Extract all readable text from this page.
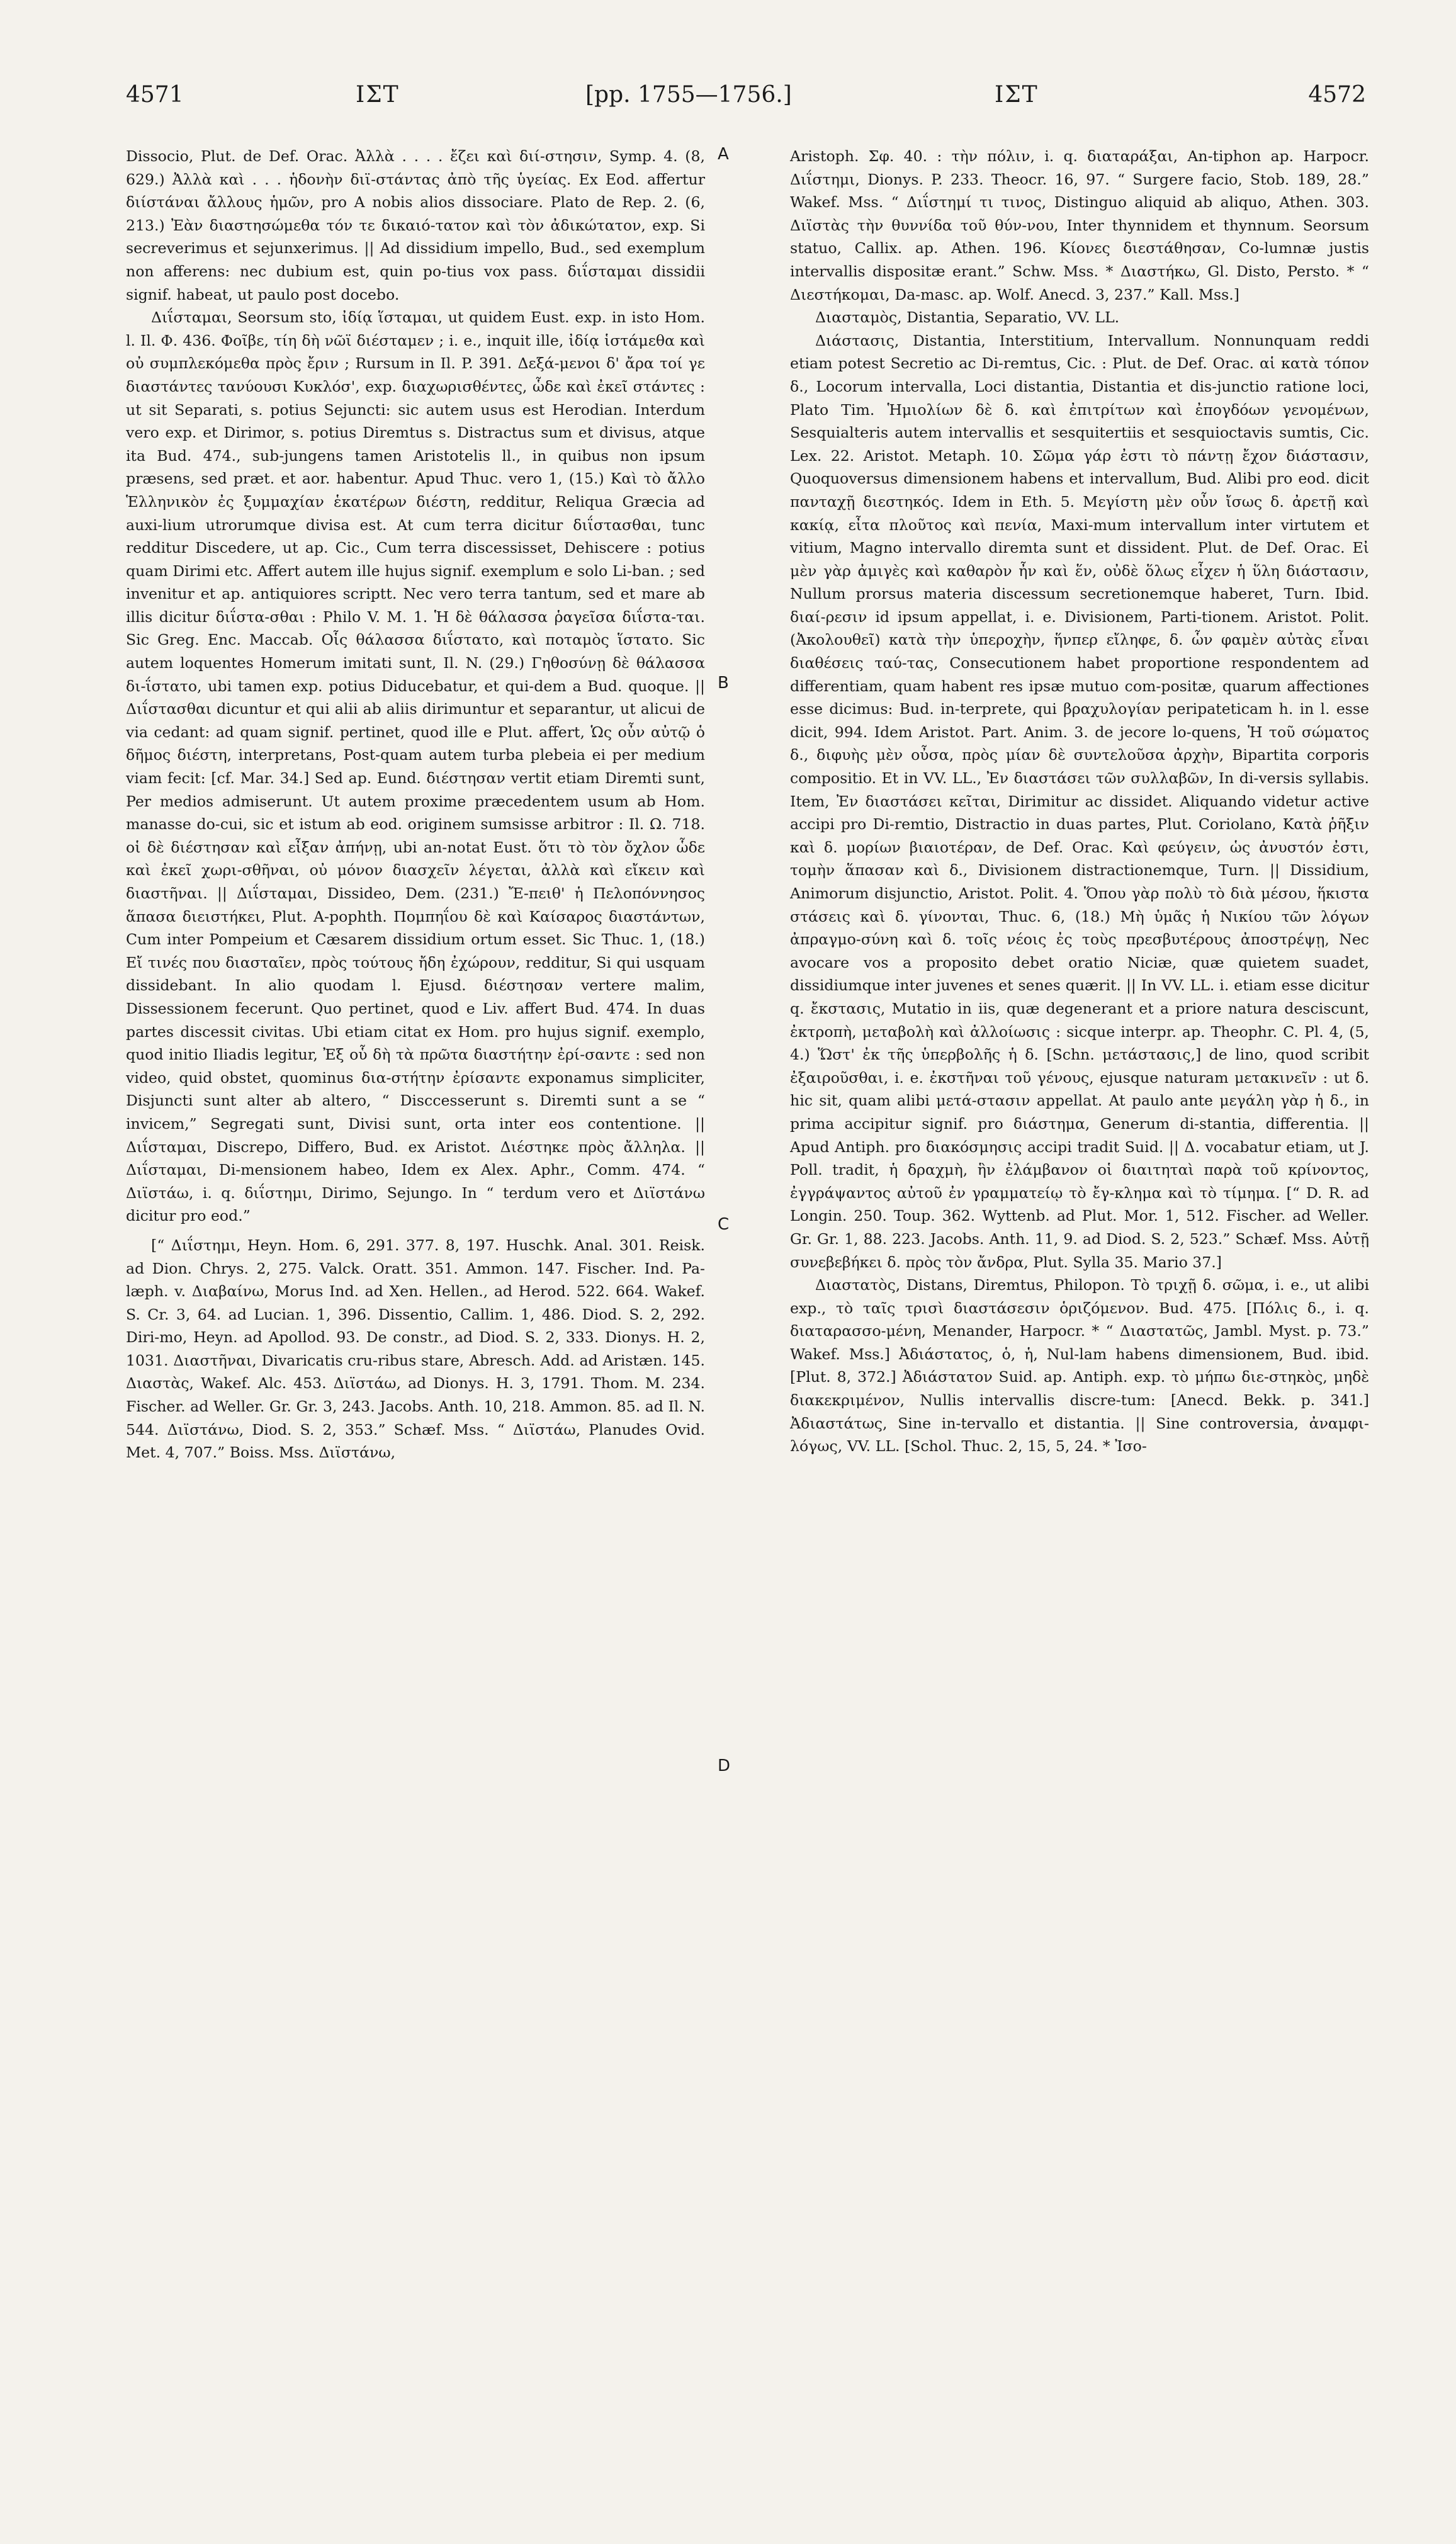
4571	ΙΣΤ	[pp. 1755—1756.]	ΙΣΤ	4572

Dissocio, Plut. de Def. Orac. Ἀλλὰ . . . . ἔζει καὶ διί-στησιν, Symp. 4. (8, 629.) Ἀλλὰ καὶ . . . ἡδονὴν διϊ-στάντας ἀπὸ τῆς ὑγείας. Ex Eod. affertur διίστάναι ἄλλους ἡμῶν, pro A nobis alios dissociare. Plato de Rep. 2. (6, 213.) Ἐὰν διαστησώμεθα τόν τε δικαιό-τατον καὶ τὸν ἀδικώτατον, exp. Si secreverimus et sejunxerimus. || Ad dissidium impello, Bud., sed exemplum non afferens: nec dubium est, quin po-tius vox pass. διΐσταμαι dissidii signif. habeat, ut paulo post docebo.

Διΐσταμαι, Seorsum sto, ἰδίᾳ ἵσταμαι, ut quidem Eust. exp. in isto Hom. l. Il. Φ. 436. Φοῖβε, τίη δὴ νῶϊ διέσταμεν ; i. e., inquit ille, ἰδίᾳ ἱστάμεθα καὶ οὐ συμπλεκόμεθα πρὸς ἔριν ; Rursum in Il. P. 391. Δεξά-μενοι δ' ἄρα τοί γε διαστάντες τανύουσι Κυκλόσ', exp. διαχωρισθέντες, ὧδε καὶ ἐκεῖ στάντες : ut sit Separati, s. potius Sejuncti: sic autem usus est Herodian. Interdum vero exp. et Dirimor, s. potius Diremtus s. Distractus sum et divisus, atque ita Bud. 474., sub-jungens tamen Aristotelis ll., in quibus non ipsum præsens, sed præt. et aor. habentur. Apud Thuc. vero 1, (15.) Καὶ τὸ ἄλλο Ἑλληνικὸν ἐς ξυμμαχίαν ἑκατέρων διέστη, redditur, Reliqua Græcia ad auxi-lium utrorumque divisa est. At cum terra dicitur διΐστασθαι, tunc redditur Discedere, ut ap. Cic., Cum terra discessisset, Dehiscere : potius quam Dirimi etc. Affert autem ille hujus signif. exemplum e solo Li-ban. ; sed invenitur et ap. antiquiores scriptt. Nec vero terra tantum, sed et mare ab illis dicitur διΐστα-σθαι : Philo V. M. 1. Ἡ δὲ θάλασσα ῥαγεῖσα διΐστα-ται. Sic Greg. Enc. Maccab. Οἷς θάλασσα διΐστατο, καὶ ποταμὸς ἵστατο. Sic autem loquentes Homerum imitati sunt, Il. N. (29.) Γηθοσύνῃ δὲ θάλασσα δι-ΐστατο, ubi tamen exp. potius Diducebatur, et qui-dem a Bud. quoque. || Διΐστασθαι dicuntur et qui alii ab aliis dirimuntur et separantur, ut alicui de via cedant: ad quam signif. pertinet, quod ille e Plut. affert, Ὡς οὖν αὐτῷ ὁ δῆμος διέστη, interpretans, Post-quam autem turba plebeia ei per medium viam fecit: [cf. Mar. 34.] Sed ap. Eund. διέστησαν vertit etiam Diremti sunt, Per medios admiserunt. Ut autem proxime præcedentem usum ab Hom. manasse do-cui, sic et istum ab eod. originem sumsisse arbitror : Il. Ω. 718. οἱ δὲ διέστησαν καὶ εἶξαν ἀπήνῃ, ubi an-notat Eust. ὅτι τὸ τὸν ὄχλον ὧδε καὶ ἐκεῖ χωρι-σθῆναι, οὐ μόνον διασχεῖν λέγεται, ἀλλὰ καὶ εἴκειν καὶ διαστῆναι. || Διΐσταμαι, Dissideo, Dem. (231.) Ἔ-πειθ' ἡ Πελοπόννησος ἅπασα διειστήκει, Plut. A-pophth. Πομπηΐου δὲ καὶ Καίσαρος διαστάντων, Cum inter Pompeium et Cæsarem dissidium ortum esset. Sic Thuc. 1, (18.) Εἴ τινές που διασταῖεν, πρὸς τούτους ἤδη ἐχώρουν, redditur, Si qui usquam dissidebant. In alio quodam l. Ejusd. διέστησαν vertere malim, Dissessionem fecerunt. Quo pertinet, quod e Liv. affert Bud. 474. In duas partes discessit civitas. Ubi etiam citat ex Hom. pro hujus signif. exemplo, quod initio Iliadis legitur, Ἐξ οὗ δὴ τὰ πρῶτα διαστήτην ἐρί-σαντε : sed non video, quid obstet, quominus δια-στήτην ἐρίσαντε exponamus simpliciter, Disjuncti sunt alter ab altero, “ Disccesserunt s. Diremti sunt a se “ invicem,” Segregati sunt, Divisi sunt, orta inter eos contentione. || Διΐσταμαι, Discrepo, Differo, Bud. ex Aristot. Διέστηκε πρὸς ἄλληλα. || Διΐσταμαι, Di-mensionem habeo, Idem ex Alex. Aphr., Comm. 474. “ Διϊστάω, i. q. διΐστημι, Dirimo, Sejungo. In “ terdum vero et Διϊστάνω dicitur pro eod.”

[“ Διΐστημι, Heyn. Hom. 6, 291. 377. 8, 197. Huschk. Anal. 301. Reisk. ad Dion. Chrys. 2, 275. Valck. Oratt. 351. Ammon. 147. Fischer. Ind. Pa-læph. v. Διαβαίνω, Morus Ind. ad Xen. Hellen., ad Herod. 522. 664. Wakef. S. Cr. 3, 64. ad Lucian. 1, 396. Dissentio, Callim. 1, 486. Diod. S. 2, 292. Diri-mo, Heyn. ad Apollod. 93. De constr., ad Diod. S. 2, 333. Dionys. H. 2, 1031. Διαστῆναι, Divaricatis cru-ribus stare, Abresch. Add. ad Aristæn. 145. Διαστὰς, Wakef. Alc. 453. Διϊστάω, ad Dionys. H. 3, 1791. Thom. M. 234. Fischer. ad Weller. Gr. Gr. 3, 243. Jacobs. Anth. 10, 218. Ammon. 85. ad Il. N. 544. Διϊστάνω, Diod. S. 2, 353.” Schæf. Mss. “ Διϊστάω, Planudes Ovid. Met. 4, 707.” Boiss. Mss. Διϊστάνω,

A
B
C
D

Aristoph. Σφ. 40. : τὴν πόλιν, i. q. διαταράξαι, An-tiphon ap. Harpocr. Διΐστημι, Dionys. P. 233. Theocr. 16, 97. “ Surgere facio, Stob. 189, 28.” Wakef. Mss. “ Διΐστημί τι τινος, Distinguo aliquid ab aliquo, Athen. 303. Διϊστὰς τὴν θυννίδα τοῦ θύν-νου, Inter thynnidem et thynnum. Seorsum statuo, Callix. ap. Athen. 196. Κίονες διεστάθησαν, Co-lumnæ justis intervallis dispositæ erant.” Schw. Mss. * Διαστήκω, Gl. Disto, Persto. * “ Διεστήκομαι, Da-masc. ap. Wolf. Anecd. 3, 237.” Kall. Mss.]

Διασταμὸς, Distantia, Separatio, VV. LL.

Διάστασις, Distantia, Interstitium, Intervallum. Nonnunquam reddi etiam potest Secretio ac Di-remtus, Cic. : Plut. de Def. Orac. αἱ κατὰ τόπον δ., Locorum intervalla, Loci distantia, Distantia et dis-junctio ratione loci, Plato Tim. Ἡμιολίων δὲ δ. καὶ ἐπιτρίτων καὶ ἐπογδόων γενομένων, Sesquialteris autem intervallis et sesquitertiis et sesquioctavis sumtis, Cic. Lex. 22. Aristot. Metaph. 10. Σῶμα γάρ ἐστι τὸ πάντῃ ἔχον διάστασιν, Quoquoversus dimensionem habens et intervallum, Bud. Alibi pro eod. dicit πανταχῇ διεστηκός. Idem in Eth. 5. Μεγίστη μὲν οὖν ἴσως δ. ἀρετῇ καὶ κακίᾳ, εἶτα πλοῦτος καὶ πενία, Maxi-mum intervallum inter virtutem et vitium, Magno intervallo diremta sunt et dissident. Plut. de Def. Orac. Εἰ μὲν γὰρ ἀμιγὲς καὶ καθαρὸν ἦν καὶ ἕν, οὐδὲ ὅλως εἶχεν ἡ ὕλη διάστασιν, Nullum prorsus materia discessum secretionemque haberet, Turn. Ibid. διαί-ρεσιν id ipsum appellat, i. e. Divisionem, Parti-tionem. Aristot. Polit. (Ἀκολουθεῖ) κατὰ τὴν ὑπεροχὴν, ἥνπερ εἴληφε, δ. ὧν φαμὲν αὐτὰς εἶναι διαθέσεις ταύ-τας, Consecutionem habet proportione respondentem ad differentiam, quam habent res ipsæ mutuo com-positæ, quarum affectiones esse dicimus: Bud. in-terprete, qui βραχυλογίαν peripateticam h. in l. esse dicit, 994. Idem Aristot. Part. Anim. 3. de jecore lo-quens, Ἡ τοῦ σώματος δ., διφυὴς μὲν οὖσα, πρὸς μίαν δὲ συντελοῦσα ἀρχὴν, Bipartita corporis compositio. Et in VV. LL., Ἐν διαστάσει τῶν συλλαβῶν, In di-versis syllabis. Item, Ἐν διαστάσει κεῖται, Dirimitur ac dissidet. Aliquando videtur active accipi pro Di-remtio, Distractio in duas partes, Plut. Coriolano, Κατὰ ῥῆξιν καὶ δ. μορίων βιαιοτέραν, de Def. Orac. Καὶ φεύγειν, ὡς ἀνυστόν ἐστι, τομὴν ἅπασαν καὶ δ., Divisionem distractionemque, Turn. || Dissidium, Animorum disjunctio, Aristot. Polit. 4. Ὅπου γὰρ πολὺ τὸ διὰ μέσου, ἥκιστα στάσεις καὶ δ. γίνονται, Thuc. 6, (18.) Μὴ ὑμᾶς ἡ Νικίου τῶν λόγων ἀπραγμο-σύνη καὶ δ. τοῖς νέοις ἐς τοὺς πρεσβυτέρους ἀποστρέψῃ, Nec avocare vos a proposito debet oratio Niciæ, quæ quietem suadet, dissidiumque inter juvenes et senes quærit. || In VV. LL. i. etiam esse dicitur q. ἔκστασις, Mutatio in iis, quæ degenerant et a priore natura desciscunt, ἐκτροπὴ, μεταβολὴ καὶ ἀλλοίωσις : sicque interpr. ap. Theophr. C. Pl. 4, (5, 4.) Ὥστ' ἐκ τῆς ὑπερβολῆς ἡ δ. [Schn. μετάστασις,] de lino, quod scribit ἐξαιροῦσθαι, i. e. ἐκστῆναι τοῦ γένους, ejusque naturam μετακινεῖν : ut δ. hic sit, quam alibi μετά-στασιν appellat. At paulo ante μεγάλη γὰρ ἡ δ., in prima accipitur signif. pro διάστημα, Generum di-stantia, differentia. || Apud Antiph. pro διακόσμησις accipi tradit Suid. || Δ. vocabatur etiam, ut J. Poll. tradit, ἡ δραχμὴ, ἣν ἐλάμβανον οἱ διαιτηταὶ παρὰ τοῦ κρίνοντος, ἐγγράψαντος αὐτοῦ ἐν γραμματείῳ τὸ ἔγ-κλημα καὶ τὸ τίμημα. [“ D. R. ad Longin. 250. Toup. 362. Wyttenb. ad Plut. Mor. 1, 512. Fischer. ad Weller. Gr. Gr. 1, 88. 223. Jacobs. Anth. 11, 9. ad Diod. S. 2, 523.” Schæf. Mss. Αὐτῇ συνεβεβήκει δ. πρὸς τὸν ἄνδρα, Plut. Sylla 35. Mario 37.]

Διαστατὸς, Distans, Diremtus, Philopon. Τὸ τριχῇ δ. σῶμα, i. e., ut alibi exp., τὸ ταῖς τρισὶ διαστάσεσιν ὁριζόμενον. Bud. 475. [Πόλις δ., i. q. διαταρασσο-μένη, Menander, Harpocr. * “ Διαστατῶς, Jambl. Myst. p. 73.” Wakef. Mss.] Ἀδιάστατος, ὁ, ἡ, Nul-lam habens dimensionem, Bud. ibid. [Plut. 8, 372.] Ἀδιάστατον Suid. ap. Antiph. exp. τὸ μήπω διε-στηκὸς, μηδὲ διακεκριμένον, Nullis intervallis discre-tum: [Anecd. Bekk. p. 341.] Ἀδιαστάτως, Sine in-tervallo et distantia. || Sine controversia, ἀναμφι-λόγως, VV. LL. [Schol. Thuc. 2, 15, 5, 24. * Ἰσο-
